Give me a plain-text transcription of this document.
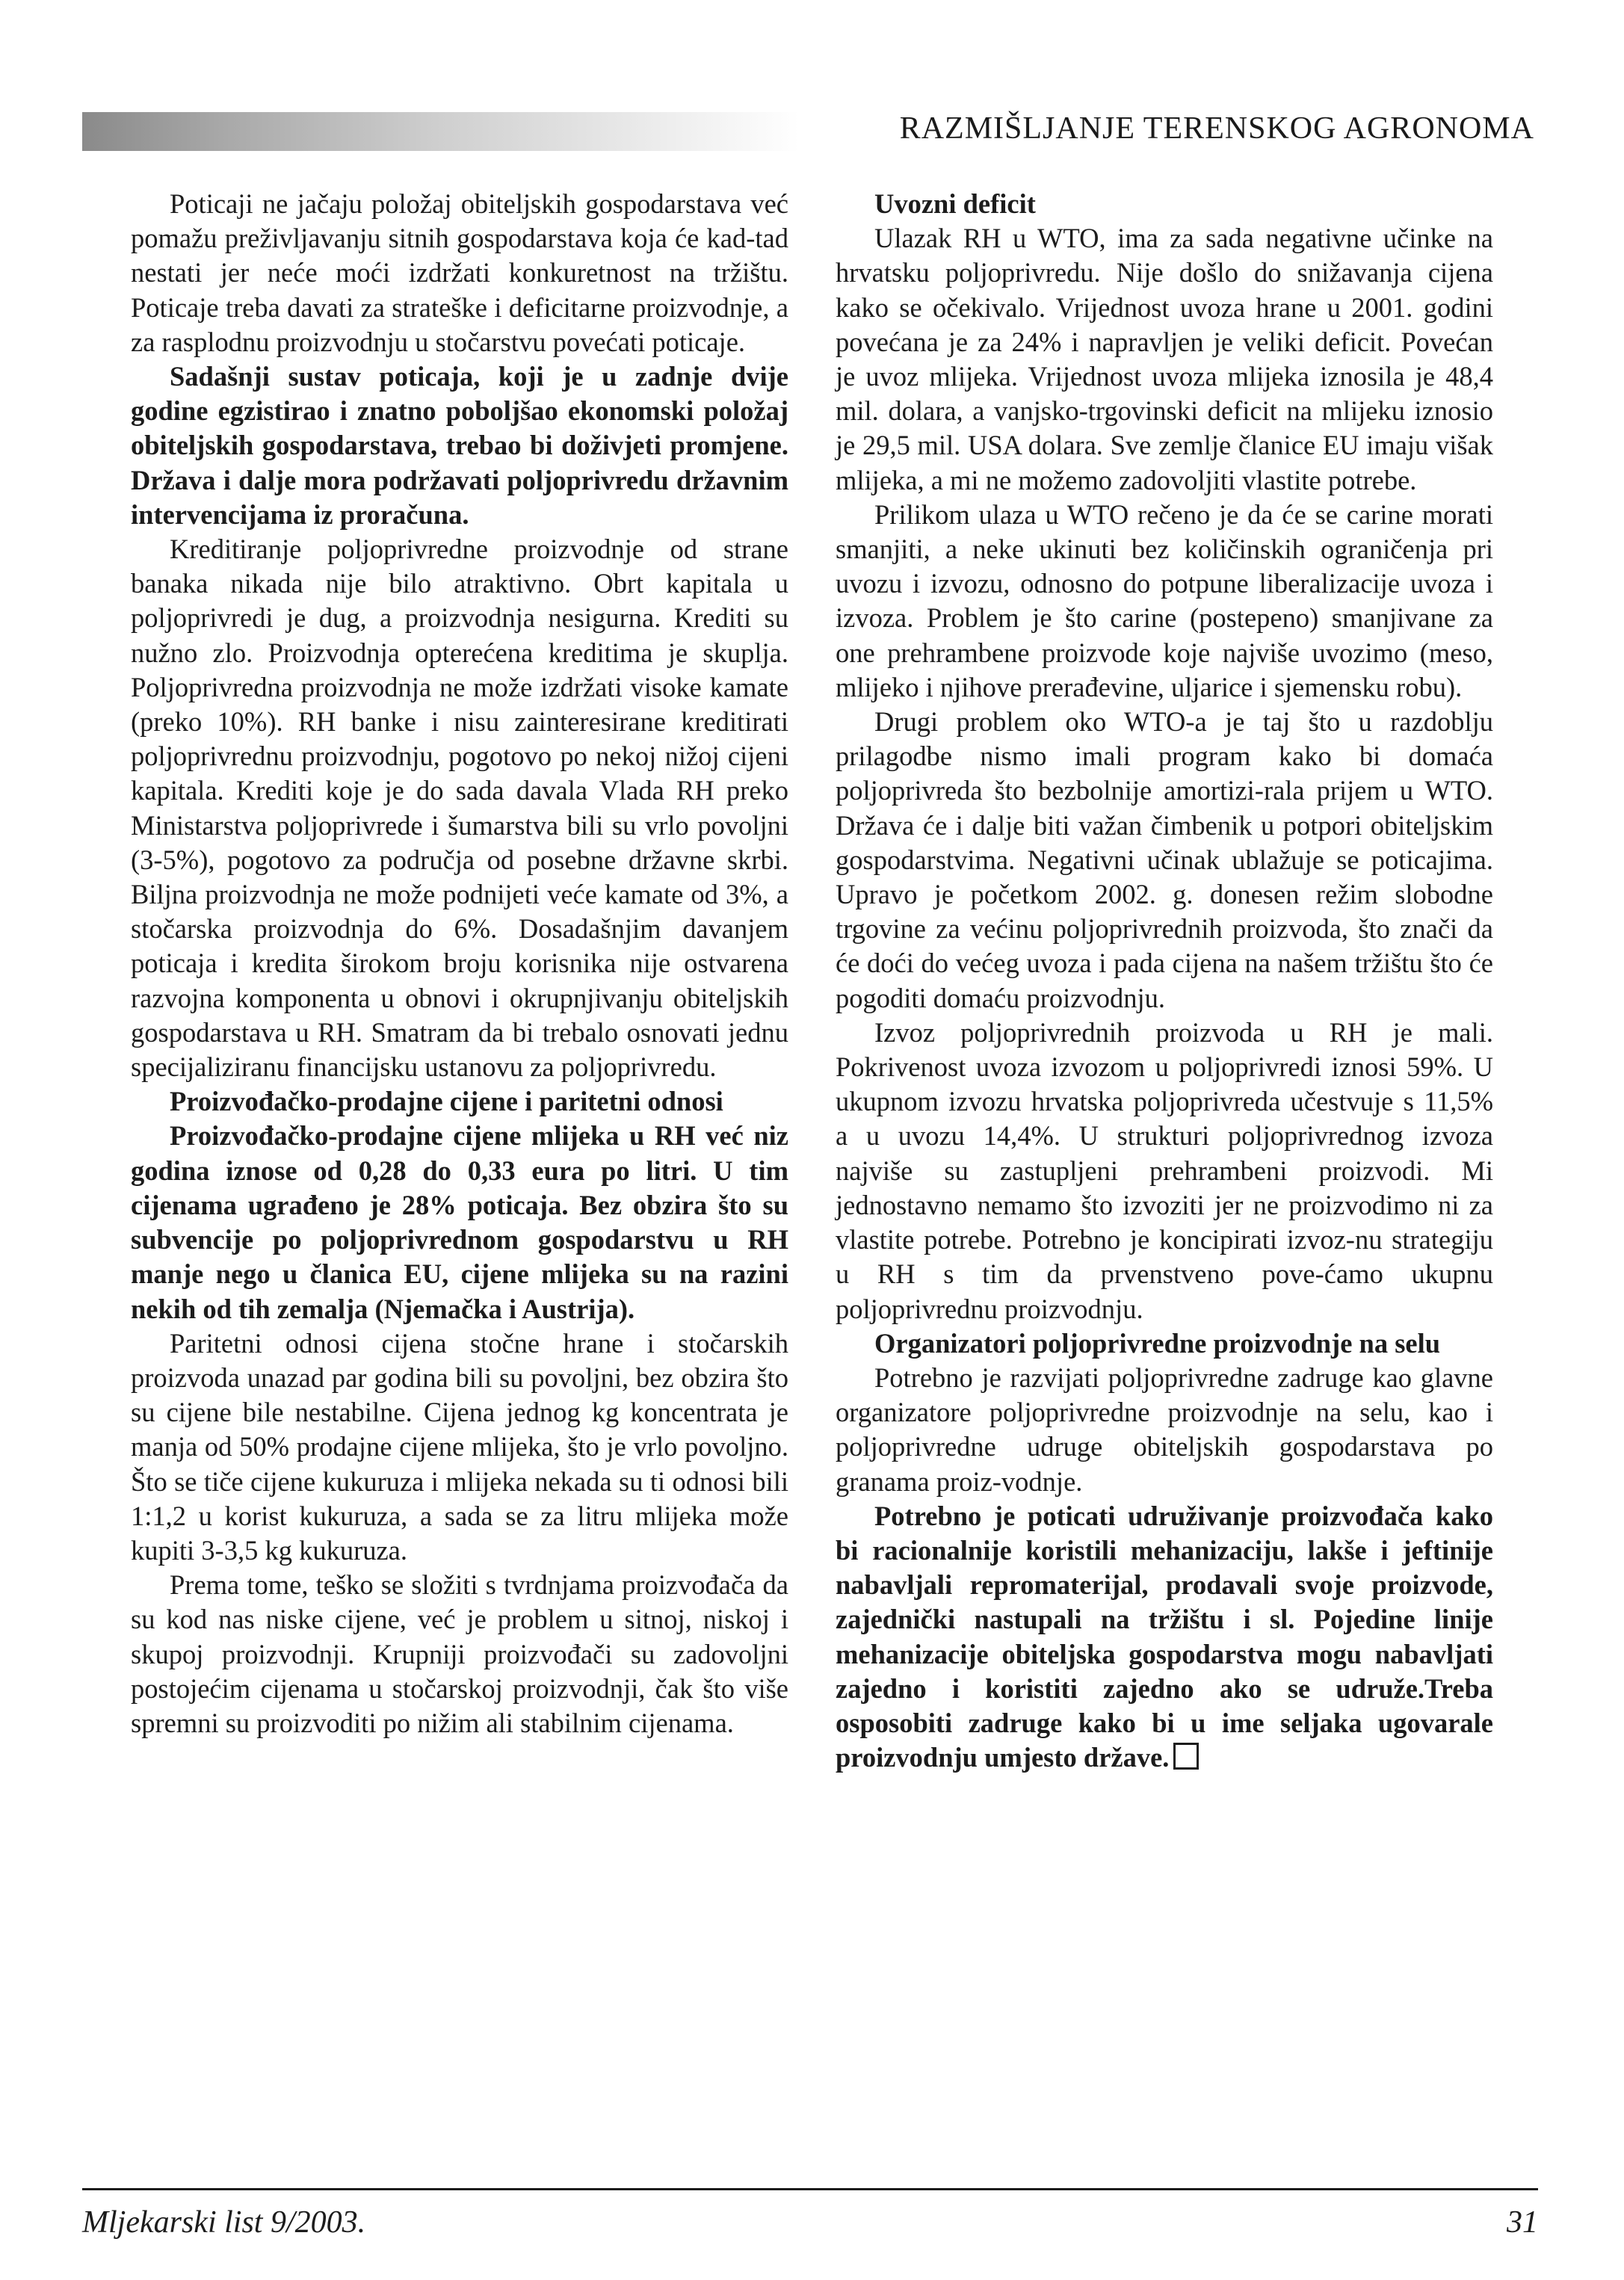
RAZMIŠLJANJE TERENSKOG AGRONOMA

Poticaji ne jačaju položaj obiteljskih gospodarstava već pomažu preživljavanju sitnih gospodarstava koja će kad-tad nestati jer neće moći izdržati konkuretnost na tržištu. Poticaje treba davati za strateške i deficitarne proizvodnje, a za rasplodnu proizvodnju u stočarstvu povećati poticaje.

Sadašnji sustav poticaja, koji je u zadnje dvije godine egzistirao i znatno poboljšao ekonomski položaj obiteljskih gospodarstava, trebao bi doživjeti promjene. Država i dalje mora podržavati poljoprivredu državnim intervencijama iz proračuna.

Kreditiranje poljoprivredne proizvodnje od strane banaka nikada nije bilo atraktivno. Obrt kapitala u poljoprivredi je dug, a proizvodnja nesigurna. Krediti su nužno zlo. Proizvodnja opterećena kreditima je skuplja. Poljoprivredna proizvodnja ne može izdržati visoke kamate (preko 10%). RH banke i nisu zainteresirane kreditirati poljoprivrednu proizvodnju, pogotovo po nekoj nižoj cijeni kapitala. Krediti koje je do sada davala Vlada RH preko Ministarstva poljoprivrede i šumarstva bili su vrlo povoljni (3-5%), pogotovo za područja od posebne državne skrbi. Biljna proizvodnja ne može podnijeti veće kamate od 3%, a stočarska proizvodnja do 6%. Dosadašnjim davanjem poticaja i kredita širokom broju korisnika nije ostvarena razvojna komponenta u obnovi i okrupnjivanju obiteljskih gospodarstava u RH. Smatram da bi trebalo osnovati jednu specijaliziranu financijsku ustanovu za poljoprivredu.

Proizvođačko-prodajne cijene i paritetni odnosi

Proizvođačko-prodajne cijene mlijeka u RH već niz godina iznose od 0,28 do 0,33 eura po litri. U tim cijenama ugrađeno je 28% poticaja. Bez obzira što su subvencije po poljoprivrednom gospodarstvu u RH manje nego u članica EU, cijene mlijeka su na razini nekih od tih zemalja (Njemačka i Austrija).

Paritetni odnosi cijena stočne hrane i stočarskih proizvoda unazad par godina bili su povoljni, bez obzira što su cijene bile nestabilne. Cijena jednog kg koncentrata je manja od 50% prodajne cijene mlijeka, što je vrlo povoljno. Što se tiče cijene kukuruza i mlijeka nekada su ti odnosi bili 1:1,2 u korist kukuruza, a sada se za litru mlijeka može kupiti 3-3,5 kg kukuruza.

Prema tome, teško se složiti s tvrdnjama proizvođača da su kod nas niske cijene, već je problem u sitnoj, niskoj i skupoj proizvodnji. Krupniji proizvođači su zadovoljni postojećim cijenama u stočarskoj proizvodnji, čak što više spremni su proizvoditi po nižim ali stabilnim cijenama.

Uvozni deficit

Ulazak RH u WTO, ima za sada negativne učinke na hrvatsku poljoprivredu. Nije došlo do snižavanja cijena kako se očekivalo. Vrijednost uvoza hrane u 2001. godini povećana je za 24% i napravljen je veliki deficit. Povećan je uvoz mlijeka. Vrijednost uvoza mlijeka iznosila je 48,4 mil. dolara, a vanjsko-trgovinski deficit na mlijeku iznosio je 29,5 mil. USA dolara. Sve zemlje članice EU imaju višak mlijeka, a mi ne možemo zadovoljiti vlastite potrebe.

Prilikom ulaza u WTO rečeno je da će se carine morati smanjiti, a neke ukinuti bez količinskih ograničenja pri uvozu i izvozu, odnosno do potpune liberalizacije uvoza i izvoza. Problem je što carine (postepeno) smanjivane za one prehrambene proizvode koje najviše uvozimo (meso, mlijeko i njihove prerađevine, uljarice i sjemensku robu).

Drugi problem oko WTO-a je taj što u razdoblju prilagodbe nismo imali program kako bi domaća poljoprivreda što bezbolnije amortizi-rala prijem u WTO. Država će i dalje biti važan čimbenik u potpori obiteljskim gospodarstvima. Negativni učinak ublažuje se poticajima. Upravo je početkom 2002. g. donesen režim slobodne trgovine za većinu poljoprivrednih proizvoda, što znači da će doći do većeg uvoza i pada cijena na našem tržištu što će pogoditi domaću proizvodnju.

Izvoz poljoprivrednih proizvoda u RH je mali. Pokrivenost uvoza izvozom u poljoprivredi iznosi 59%. U ukupnom izvozu hrvatska poljoprivreda učestvuje s 11,5% a u uvozu 14,4%. U strukturi poljoprivrednog izvoza najviše su zastupljeni prehrambeni proizvodi. Mi jednostavno nemamo što izvoziti jer ne proizvodimo ni za vlastite potrebe. Potrebno je koncipirati izvoz-nu strategiju u RH s tim da prvenstveno pove-ćamo ukupnu poljoprivrednu proizvodnju.

Organizatori poljoprivredne proizvodnje na selu

Potrebno je razvijati poljoprivredne zadruge kao glavne organizatore poljoprivredne proizvodnje na selu, kao i poljoprivredne udruge obiteljskih gospodarstava po granama proiz-vodnje.

Potrebno je poticati udruživanje proizvođača kako bi racionalnije koristili mehanizaciju, lakše i jeftinije nabavljali repromaterijal, prodavali svoje proizvode, zajednički nastupali na tržištu i sl. Pojedine linije mehanizacije obiteljska gospodarstva mogu nabavljati zajedno i koristiti zajedno ako se udruže.Treba osposobiti zadruge kako bi u ime seljaka ugovarale proizvodnju umjesto države.

Mljekarski list 9/2003.	31
